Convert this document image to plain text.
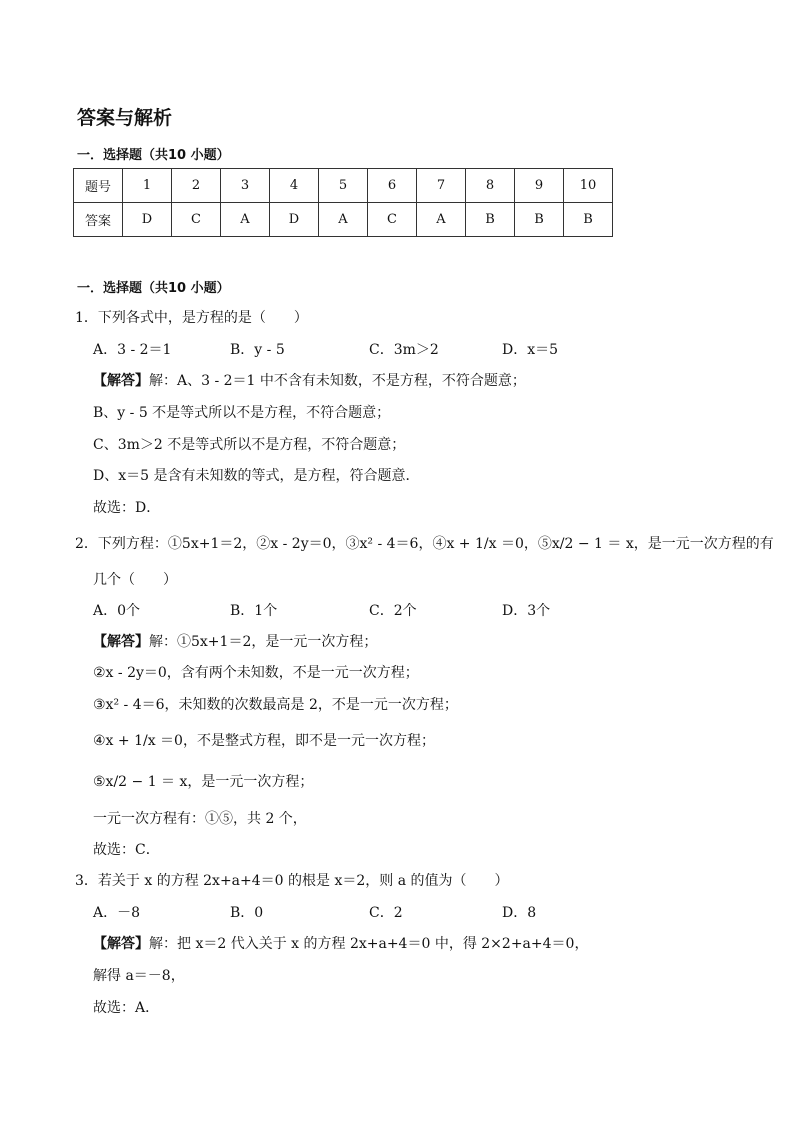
答案与解析
一．选择题（共10 小题）
题号	1	2	3	4	5	6	7	8	9	10
答案	D	C	A	D	A	C	A	B	B	B
一．选择题（共10 小题）
1．下列各式中，是方程的是（　　）
A．3 - 2＝1	B．y - 5	C．3m＞2	D．x＝5
【解答】解：A、3 - 2＝1 中不含有未知数，不是方程，不符合题意；
B、y - 5 不是等式所以不是方程，不符合题意；
C、3m＞2 不是等式所以不是方程，不符合题意；
D、x＝5 是含有未知数的等式，是方程，符合题意．
故选：D．
2．下列方程：①5x+1＝2，②x - 2y＝0，③x² - 4＝6，④x + 1/x ＝0，⑤x/2 − 1 ＝ x，是一元一次方程的有
几个（　　）
A．0个	B．1个	C．2个	D．3个
【解答】解：①5x+1＝2，是一元一次方程；
②x - 2y＝0，含有两个未知数，不是一元一次方程；
③x² - 4＝6，未知数的次数最高是 2，不是一元一次方程；
④x + 1/x ＝0，不是整式方程，即不是一元一次方程；
⑤x/2 − 1 ＝ x，是一元一次方程；
一元一次方程有：①⑤，共 2 个，
故选：C．
3．若关于 x 的方程 2x+a+4＝0 的根是 x＝2，则 a 的值为（　　）
A．－8	B．0	C．2	D．8
【解答】解：把 x＝2 代入关于 x 的方程 2x+a+4＝0 中，得 2×2+a+4＝0，
解得 a＝－8，
故选：A．
